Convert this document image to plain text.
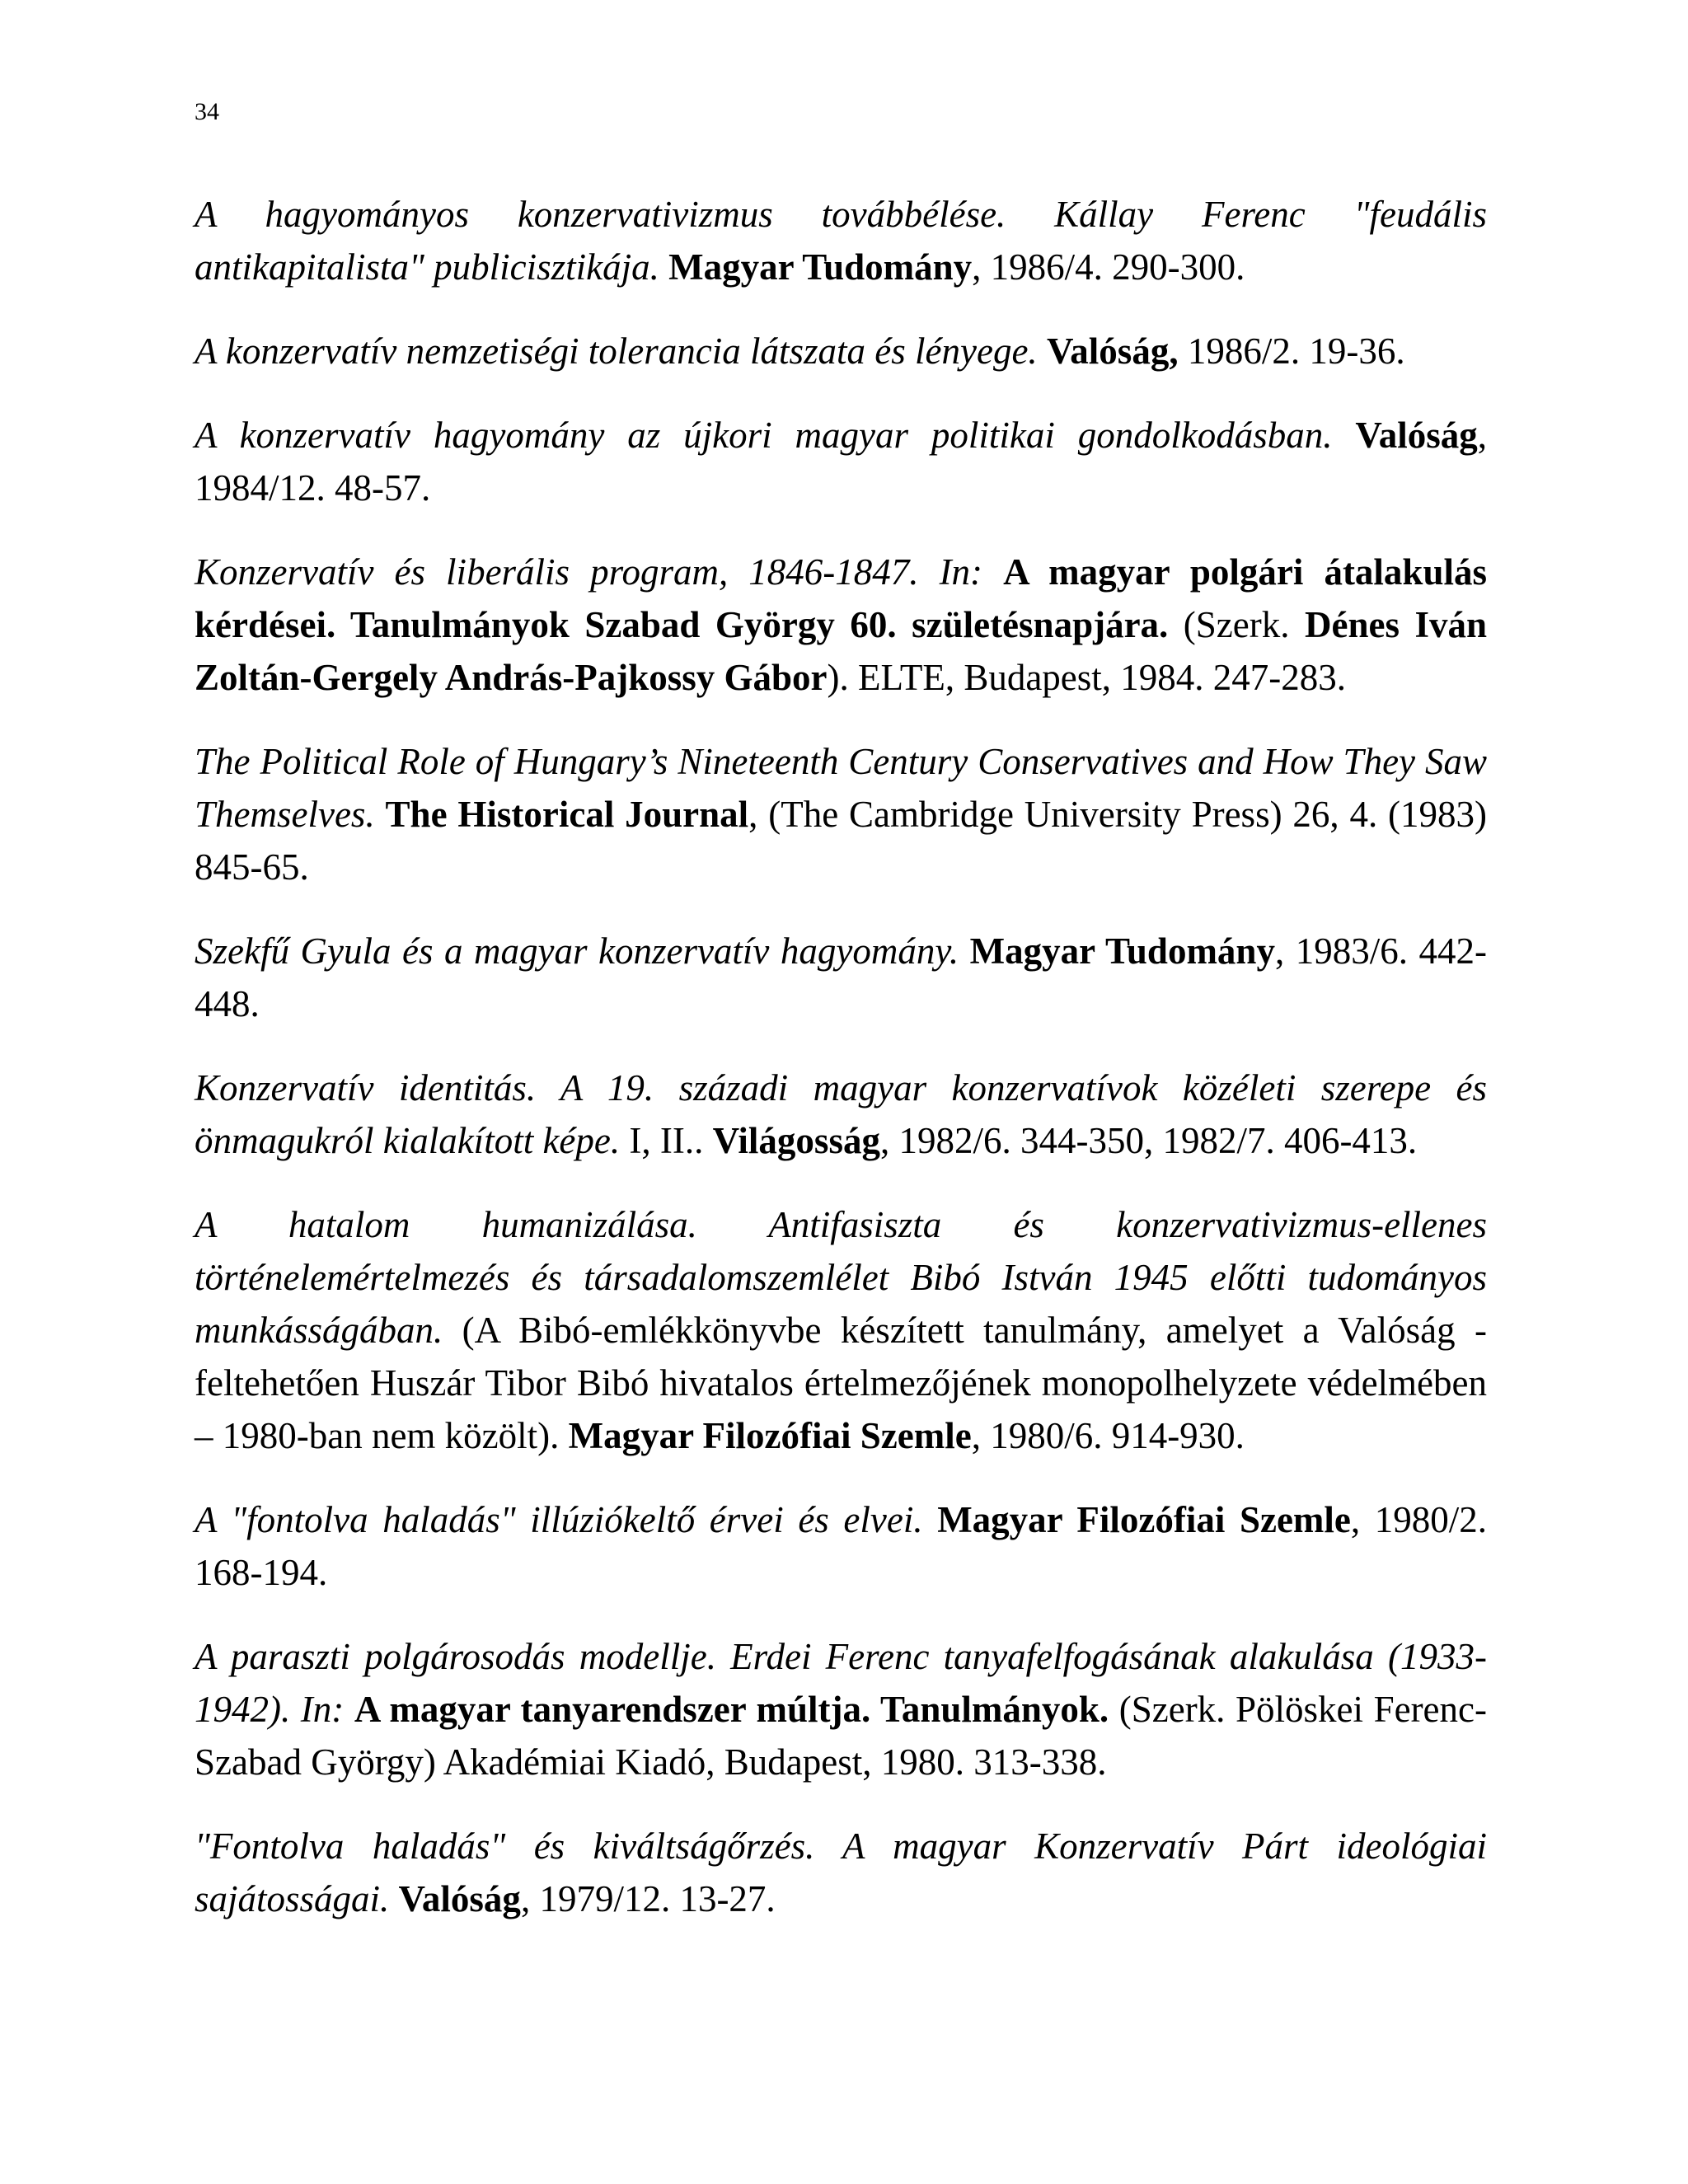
34

A hagyományos konzervativizmus továbbélése. Kállay Ferenc "feudális antikapitalista" publicisztikája. Magyar Tudomány, 1986/4. 290-300.

A konzervatív nemzetiségi tolerancia látszata és lényege. Valóság, 1986/2. 19-36.

A konzervatív hagyomány az újkori magyar politikai gondolkodásban. Valóság, 1984/12. 48-57.

Konzervatív és liberális program, 1846-1847. In: A magyar polgári átalakulás kérdései. Tanulmányok Szabad György 60. születésnapjára. (Szerk. Dénes Iván Zoltán-Gergely András-Pajkossy Gábor). ELTE, Budapest, 1984. 247-283.

The Political Role of Hungary’s Nineteenth Century Conservatives and How They Saw Themselves. The Historical Journal, (The Cambridge University Press) 26, 4. (1983) 845-65.

Szekfű Gyula és a magyar konzervatív hagyomány. Magyar Tudomány, 1983/6. 442-448.

Konzervatív identitás. A 19. századi magyar konzervatívok közéleti szerepe és önmagukról kialakított képe. I, II.. Világosság, 1982/6. 344-350, 1982/7. 406-413.

A hatalom humanizálása. Antifasiszta és konzervativizmus-ellenes történelemértelmezés és társadalomszemlélet Bibó István 1945 előtti tudományos munkásságában. (A Bibó-emlékkönyvbe készített tanulmány, amelyet a Valóság - feltehetően Huszár Tibor Bibó hivatalos értelmezőjének monopolhelyzete védelmében – 1980-ban nem közölt). Magyar Filozófiai Szemle, 1980/6. 914-930.

A "fontolva haladás" illúziókeltő érvei és elvei. Magyar Filozófiai Szemle, 1980/2. 168-194.

A paraszti polgárosodás modellje. Erdei Ferenc tanyafelfogásának alakulása (1933-1942). In: A magyar tanyarendszer múltja. Tanulmányok. (Szerk. Pölöskei Ferenc-Szabad György) Akadémiai Kiadó, Budapest, 1980. 313-338.

"Fontolva haladás" és kiváltságőrzés. A magyar Konzervatív Párt ideológiai sajátosságai. Valóság, 1979/12. 13-27.
